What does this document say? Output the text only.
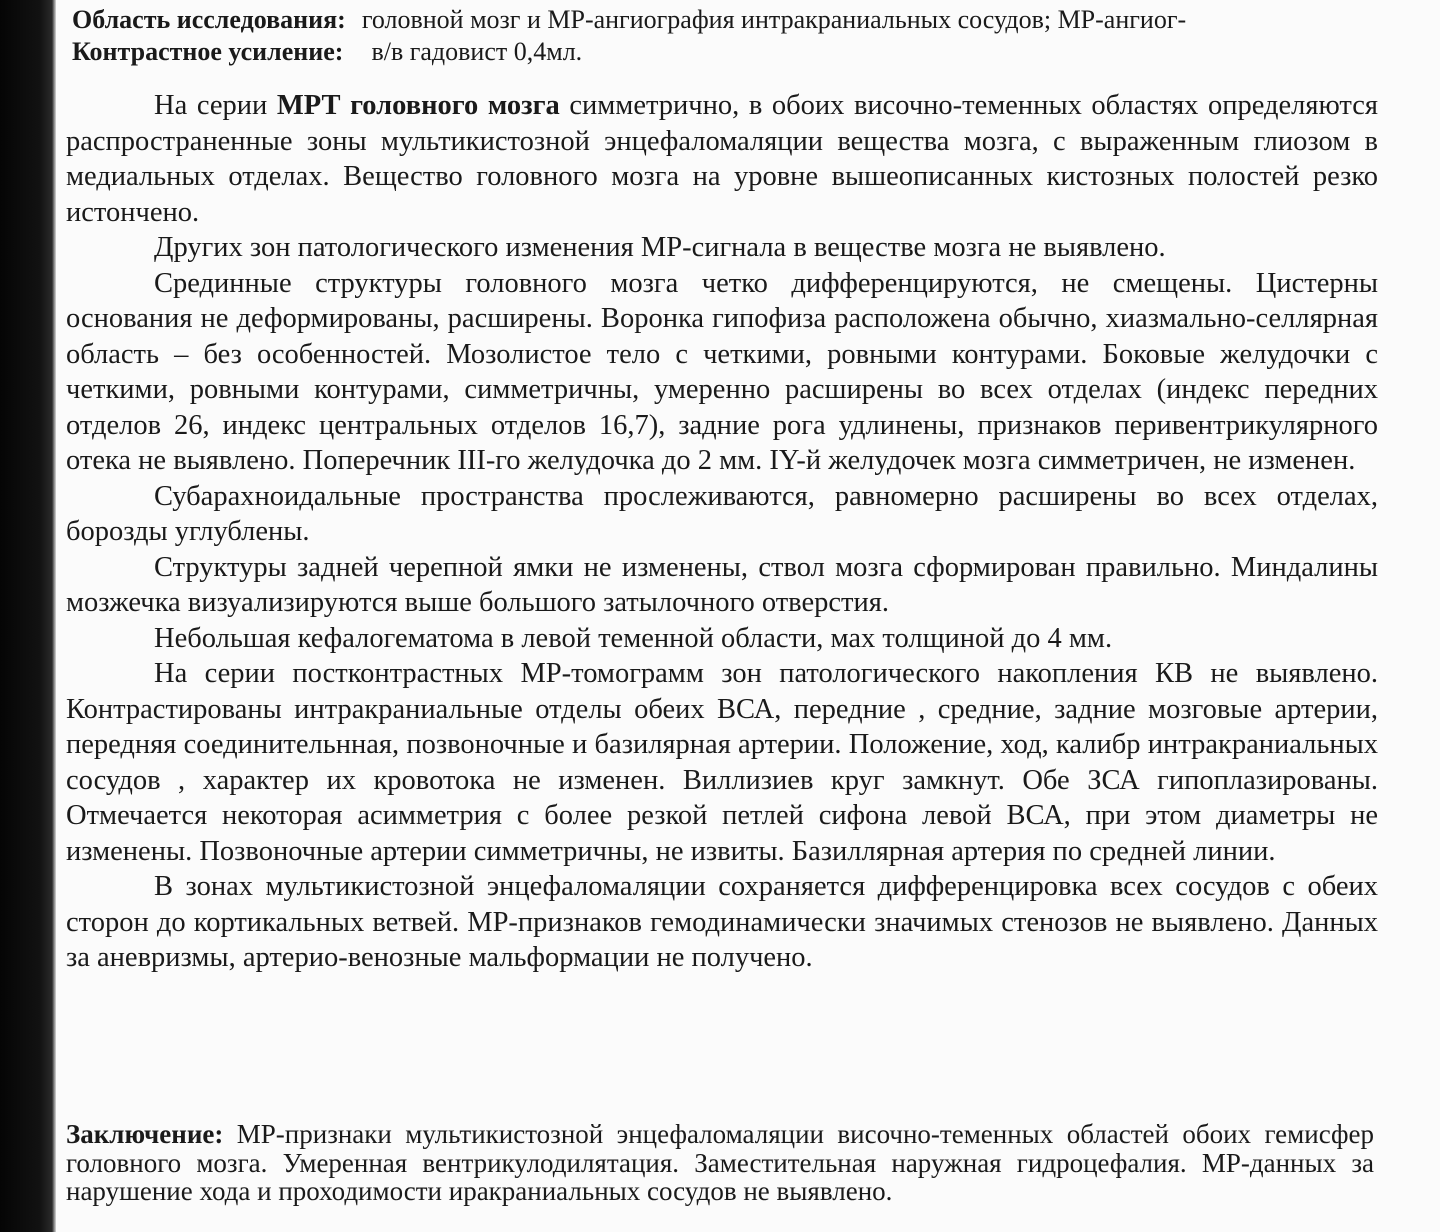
Область исследования: головной мозг и МР-ангиография интракраниальных сосудов; МР-ангиог-
Контрастное усиление: в/в гадовист 0,4мл.

На серии МРТ головного мозга симметрично, в обоих височно-теменных областях определяются распространенные зоны мультикистозной энцефаломаляции вещества мозга, с выраженным глиозом в медиальных отделах. Вещество головного мозга на уровне вышеописанных кистозных полостей резко истончено.

Других зон патологического изменения МР-сигнала в веществе мозга не выявлено.

Срединные структуры головного мозга четко дифференцируются, не смещены. Цистерны основания не деформированы, расширены. Воронка гипофиза расположена обычно, хиазмально-селлярная область – без особенностей. Мозолистое тело с четкими, ровными контурами. Боковые желудочки с четкими, ровными контурами, симметричны, умеренно расширены во всех отделах (индекс передних отделов 26, индекс центральных отделов 16,7), задние рога удлинены, признаков перивентрикулярного отека не выявлено. Поперечник III-го желудочка до 2 мм. IY-й желудочек мозга симметричен, не изменен.

Субарахноидальные пространства прослеживаются, равномерно расширены во всех отделах, борозды углублены.

Структуры задней черепной ямки не изменены, ствол мозга сформирован правильно. Миндалины мозжечка визуализируются выше большого затылочного отверстия.

Небольшая кефалогематома в левой теменной области, мах толщиной до 4 мм.

На серии постконтрастных МР-томограмм зон патологического накопления КВ не выявлено. Контрастированы интракраниальные отделы обеих ВСА, передние , средние, задние мозговые артерии, передняя соединительнная, позвоночные и базилярная артерии. Положение, ход, калибр интракраниальных сосудов , характер их кровотока не изменен. Виллизиев круг замкнут. Обе ЗСА гипоплазированы. Отмечается некоторая асимметрия с более резкой петлей сифона левой ВСА, при этом диаметры не изменены. Позвоночные артерии симметричны, не извиты. Базиллярная артерия по средней линии.

В зонах мультикистозной энцефаломаляции сохраняется дифференцировка всех сосудов с обеих сторон до кортикальных ветвей. МР-признаков гемодинамически значимых стенозов не выявлено. Данных за аневризмы, артерио-венозные мальформации не получено.

Заключение: МР-признаки мультикистозной энцефаломаляции височно-теменных областей обоих гемисфер головного мозга. Умеренная вентрикулодилятация. Заместительная наружная гидроцефалия. МР-данных за нарушение хода и проходимости иракраниальных сосудов не выявлено.
